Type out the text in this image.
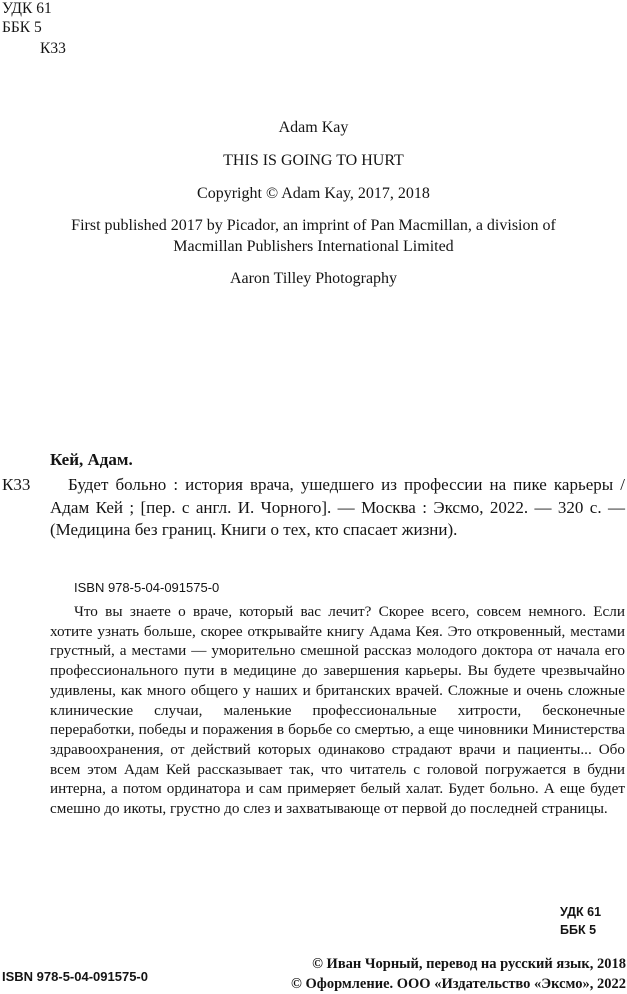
УДК 61
ББК 5
К33
Adam Kay
THIS IS GOING TO HURT
Copyright © Adam Kay, 2017, 2018
First published 2017 by Picador, an imprint of Pan Macmillan, a division of
Macmillan Publishers International Limited
Aaron Tilley Photography
Кей, Адам.
К33	Будет больно : история врача, ушедшего из профессии на пике карьеры / Адам Кей ; [пер. с англ. И. Чорного]. — Москва : Эксмо, 2022. — 320 с. — (Медицина без границ. Книги о тех, кто спасает жизни).

ISBN 978-5-04-091575-0

Что вы знаете о враче, который вас лечит? Скорее всего, совсем немного. Если хотите узнать больше, скорее открывайте книгу Адама Кея. Это откровенный, местами грустный, а местами — уморительно смешной рассказ молодого доктора от начала его профессионального пути в медицине до завершения карьеры. Вы будете чрезвычайно удивлены, как много общего у наших и британских врачей. Сложные и очень сложные клинические случаи, маленькие профессиональные хитрости, бесконечные переработки, победы и поражения в борьбе со смертью, а еще чиновники Министерства здравоохранения, от действий которых одинаково страдают врачи и пациенты... Обо всем этом Адам Кей рассказывает так, что читатель с головой погружается в будни интерна, а потом ординатора и сам примеряет белый халат. Будет больно. А еще будет смешно до икоты, грустно до слез и захватывающе от первой до последней страницы.

УДК 61
ББК 5
ISBN 978-5-04-091575-0
© Иван Чорный, перевод на русский язык, 2018
© Оформление. ООО «Издательство «Эксмо», 2022
